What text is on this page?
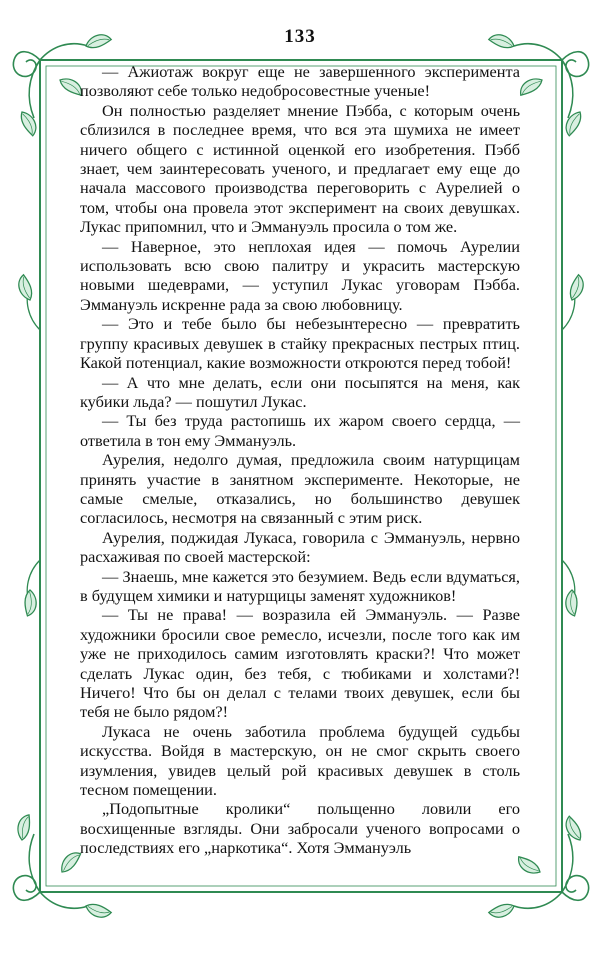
133

— Ажиотаж вокруг еще не завершенного эксперимента позволяют себе только недобросовестные ученые!

Он полностью разделяет мнение Пэбба, с которым очень сблизился в последнее время, что вся эта шумиха не имеет ничего общего с истинной оценкой его изобретения. Пэбб знает, чем заинтересовать ученого, и предлагает ему еще до начала массового производства переговорить с Аурелией о том, чтобы она провела этот эксперимент на своих девушках. Лукас припомнил, что и Эммануэль просила о том же.

— Наверное, это неплохая идея — помочь Аурелии использовать всю свою палитру и украсить мастерскую новыми шедеврами, — уступил Лукас уговорам Пэбба. Эммануэль искренне рада за свою любовницу.

— Это и тебе было бы небезынтересно — превратить группу красивых девушек в стайку прекрасных пестрых птиц. Какой потенциал, какие возможности откроются перед тобой!

— А что мне делать, если они посыпятся на меня, как кубики льда? — пошутил Лукас.

— Ты без труда растопишь их жаром своего сердца, — ответила в тон ему Эммануэль.

Аурелия, недолго думая, предложила своим натурщицам принять участие в занятном эксперименте. Некоторые, не самые смелые, отказались, но большинство девушек согласилось, несмотря на связанный с этим риск.

Аурелия, поджидая Лукаса, говорила с Эммануэль, нервно расхаживая по своей мастерской:

— Знаешь, мне кажется это безумием. Ведь если вдуматься, в будущем химики и натурщицы заменят художников!

— Ты не права! — возразила ей Эммануэль. — Разве художники бросили свое ремесло, исчезли, после того как им уже не приходилось самим изготовлять краски?! Что может сделать Лукас один, без тебя, с тюбиками и холстами?! Ничего! Что бы он делал с телами твоих девушек, если бы тебя не было рядом?!

Лукаса не очень заботила проблема будущей судьбы искусства. Войдя в мастерскую, он не смог скрыть своего изумления, увидев целый рой красивых девушек в столь тесном помещении.

„Подопытные кролики“ польщенно ловили его восхищенные взгляды. Они забросали ученого вопросами о последствиях его „наркотика“. Хотя Эммануэль
